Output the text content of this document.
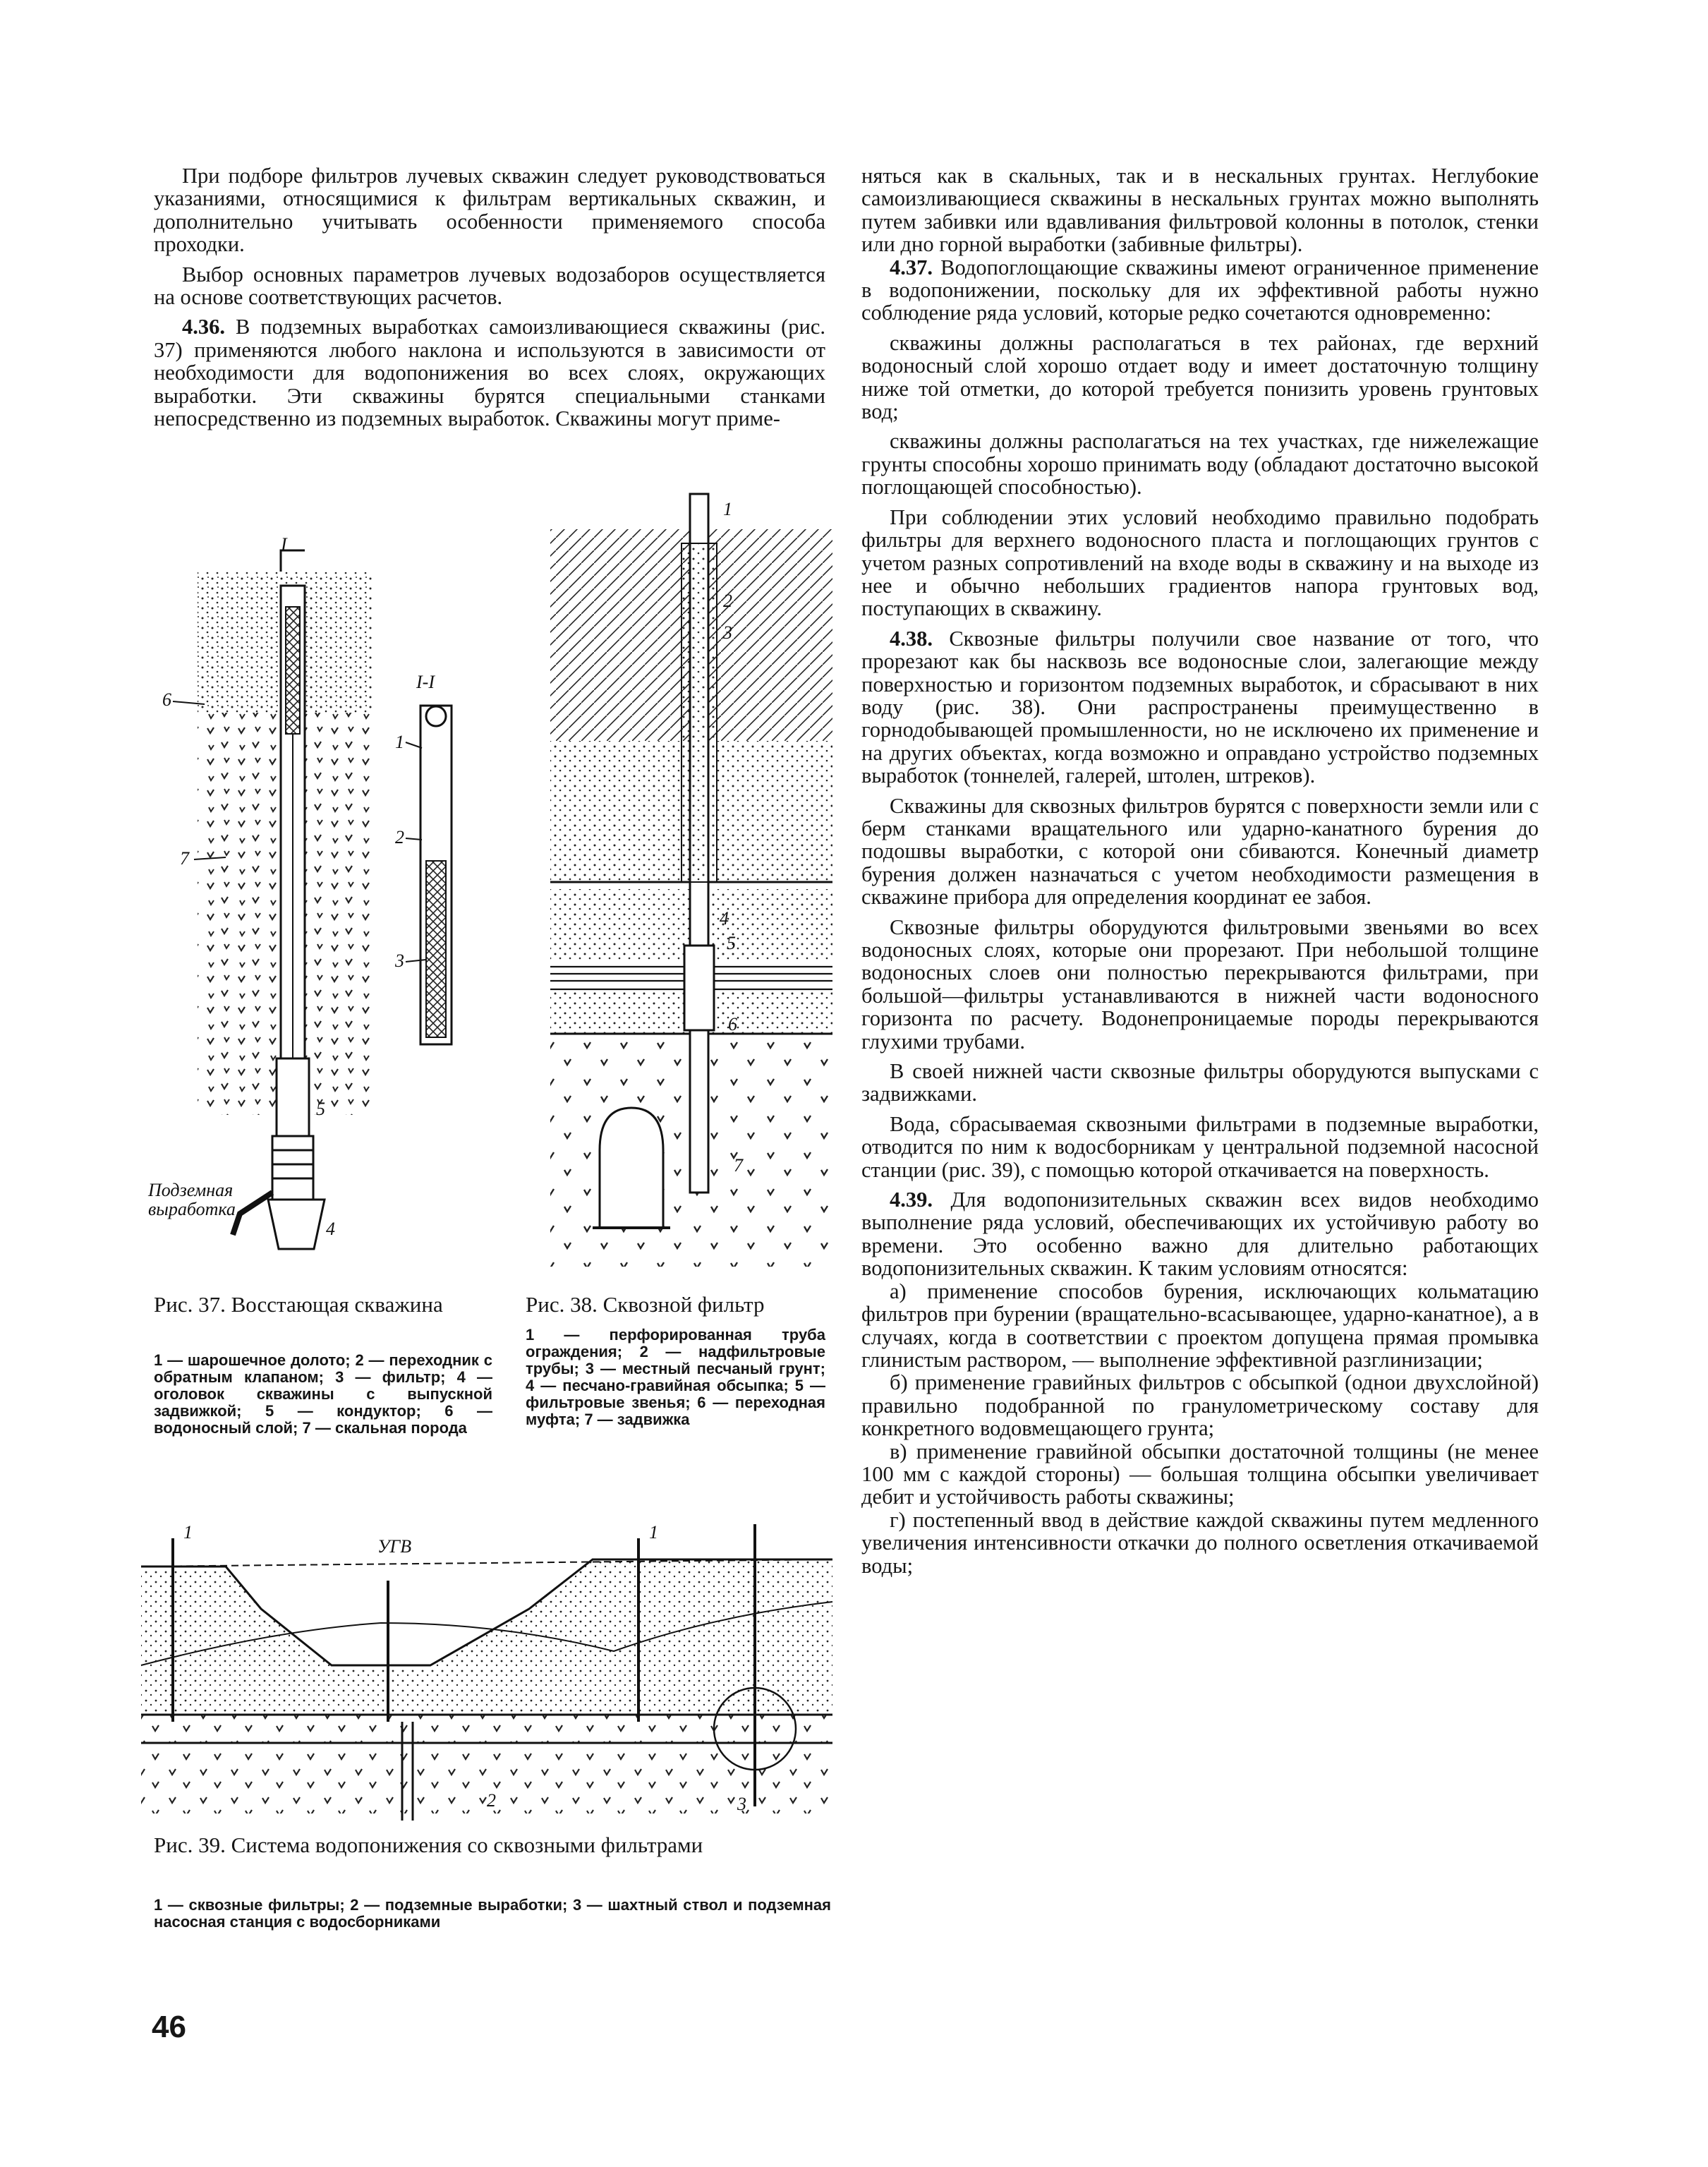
При подборе фильтров лучевых скважин следует руководствоваться указаниями, относящимися к фильтрам вертикальных скважин, и дополнительно учитывать особенности применяемого способа проходки.

Выбор основных параметров лучевых водозаборов осуществляется на основе соответствующих расчетов.

4.36. В подземных выработках самоизливающиеся скважины (рис. 37) применяются любого наклона и используются в зависимости от необходимости для водопонижения во всех слоях, окружающих выработки. Эти скважины бурятся специальными станками непосредственно из подземных выработок. Скважины могут приме-

няться как в скальных, так и в нескальных грунтах. Неглубокие самоизливающиеся скважины в нескальных грунтах можно выполнять путем забивки или вдавливания фильтровой колонны в потолок, стенки или дно горной выработки (забивные фильтры).

4.37. Водопоглощающие скважины имеют ограниченное применение в водопонижении, поскольку для их эффективной работы нужно соблюдение ряда условий, которые редко сочетаются одновременно:

скважины должны располагаться в тех районах, где верхний водоносный слой хорошо отдает воду и имеет достаточную толщину ниже той отметки, до которой требуется понизить уровень грунтовых вод;

скважины должны располагаться на тех участках, где нижележащие грунты способны хорошо принимать воду (обладают достаточно высокой поглощающей способностью).

При соблюдении этих условий необходимо правильно подобрать фильтры для верхнего водоносного пласта и поглощающих грунтов с учетом разных сопротивлений на входе воды в скважину и на выходе из нее и обычно небольших градиентов напора грунтовых вод, поступающих в скважину.

4.38. Сквозные фильтры получили свое название от того, что прорезают как бы насквозь все водоносные слои, залегающие между поверхностью и горизонтом подземных выработок, и сбрасывают в них воду (рис. 38). Они распространены преимущественно в горнодобывающей промышленности, но не исключено их применение и на других объектах, когда возможно и оправдано устройство подземных выработок (тоннелей, галерей, штолен, штреков).

Скважины для сквозных фильтров бурятся с поверхности земли или с берм станками вращательного или ударно-канатного бурения до подошвы выработки, с которой они сбиваются. Конечный диаметр бурения должен назначаться с учетом необходимости размещения в скважине прибора для определения координат ее забоя.

Сквозные фильтры оборудуются фильтровыми звеньями во всех водоносных слоях, которые они прорезают. При небольшой толщине водоносных слоев они полностью перекрываются фильтрами, при большой—фильтры устанавливаются в нижней части водоносного горизонта по расчету. Водонепроницаемые породы перекрываются глухими трубами.

В своей нижней части сквозные фильтры оборудуются выпусками с задвижками.

Вода, сбрасываемая сквозными фильтрами в подземные выработки, отводится по ним к водосборникам у центральной подземной насосной станции (рис. 39), с помощью которой откачивается на поверхность.

4.39. Для водопонизительных скважин всех видов необходимо выполнение ряда условий, обеспечивающих их устойчивую работу во времени. Это особенно важно для длительно работающих водопонизительных скважин. К таким условиям относятся:

а) применение способов бурения, исключающих кольматацию фильтров при бурении (вращательно-всасывающее, ударно-канатное), а в случаях, когда в соответствии с проектом допущена прямая промывка глинистым раствором, — выполнение эффективной разглинизации;

б) применение гравийных фильтров с обсыпкой (однои двухслойной) правильно подобранной по гранулометрическому составу для конкретного водовмещающего грунта;

в) применение гравийной обсыпки достаточной толщины (не менее 100 мм с каждой стороны) — большая толщина обсыпки увеличивает дебит и устойчивость работы скважины;

г) постепенный ввод в действие каждой скважины путем медленного увеличения интенсивности откачки до полного осветления откачиваемой воды;

I
I-I
1
2
3
4
5
6
7
Подземная
выработка
1
2
3
4
5
6
7
Рис. 37. Восстающая скважина
1 — шарошечное долото; 2 — переходник с обратным клапаном; 3 — фильтр; 4 — оголовок скважины с выпускной задвижкой; 5 — кондуктор; 6 — водоносный слой; 7 — скальная порода
Рис. 38. Сквозной фильтр
1 — перфорированная труба ограждения; 2 — надфильтровые трубы; 3 — местный песчаный грунт; 4 — песчано-гравийная обсыпка; 5 — фильтровые звенья; 6 — переходная муфта; 7 — задвижка
1	1
УГВ
2	3
Рис. 39. Система водопонижения со сквозными фильтрами
1 — сквозные фильтры; 2 — подземные выработки; 3 — шахтный ствол и подземная насосная станция с водосборниками
46
